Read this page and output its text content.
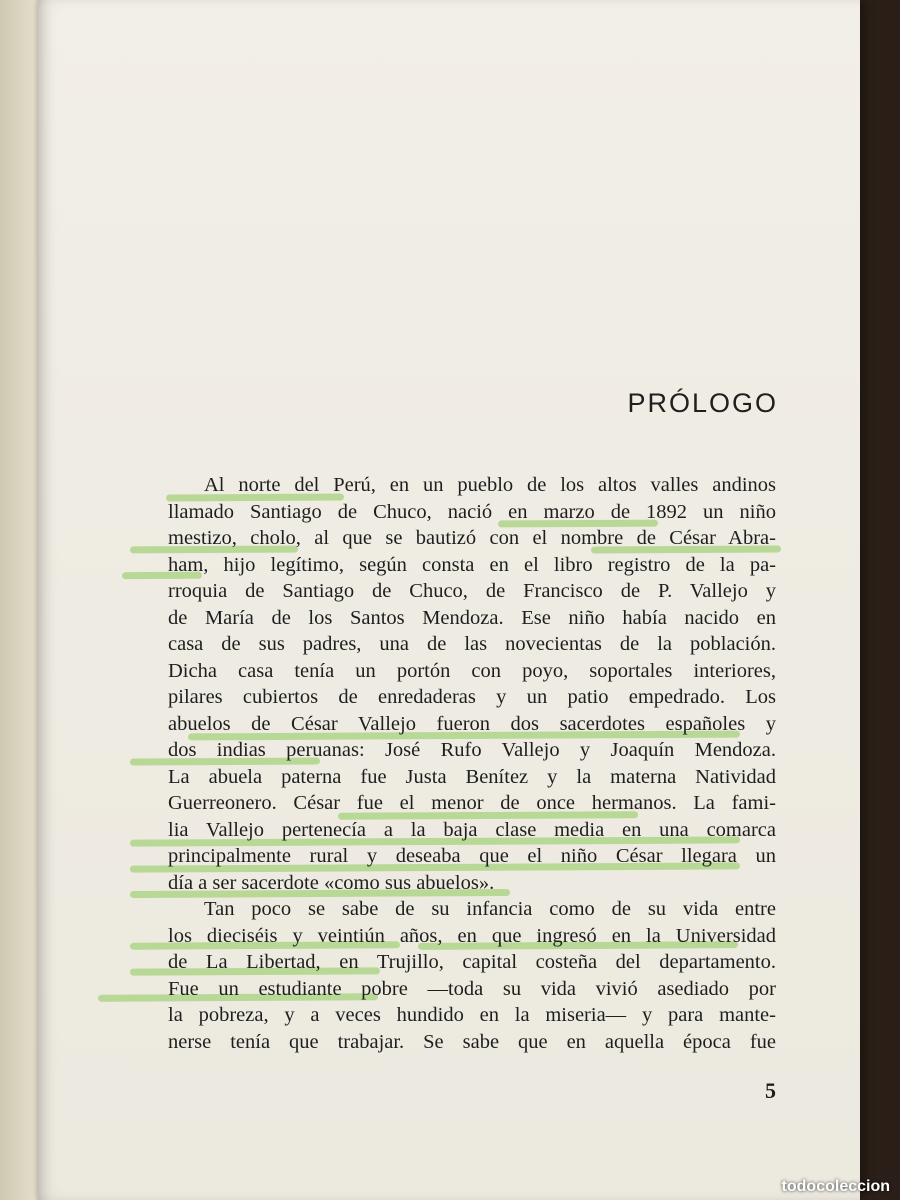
PRÓLOGO

Al norte del Perú, en un pueblo de los altos valles andinos
llamado Santiago de Chuco, nació en marzo de 1892 un niño
mestizo, cholo, al que se bautizó con el nombre de César Abra-
ham, hijo legítimo, según consta en el libro registro de la pa-
rroquia de Santiago de Chuco, de Francisco de P. Vallejo y
de María de los Santos Mendoza. Ese niño había nacido en
casa de sus padres, una de las novecientas de la población.
Dicha casa tenía un portón con poyo, soportales interiores,
pilares cubiertos de enredaderas y un patio empedrado. Los
abuelos de César Vallejo fueron dos sacerdotes españoles y
dos indias peruanas: José Rufo Vallejo y Joaquín Mendoza.
La abuela paterna fue Justa Benítez y la materna Natividad
Guerreonero. César fue el menor de once hermanos. La fami-
lia Vallejo pertenecía a la baja clase media en una comarca
principalmente rural y deseaba que el niño César llegara un
día a ser sacerdote «como sus abuelos».

Tan poco se sabe de su infancia como de su vida entre
los dieciséis y veintiún años, en que ingresó en la Universidad
de La Libertad, en Trujillo, capital costeña del departamento.
Fue un estudiante pobre —toda su vida vivió asediado por
la pobreza, y a veces hundido en la miseria— y para mante-
nerse tenía que trabajar. Se sabe que en aquella época fue

5
todocoleccion
